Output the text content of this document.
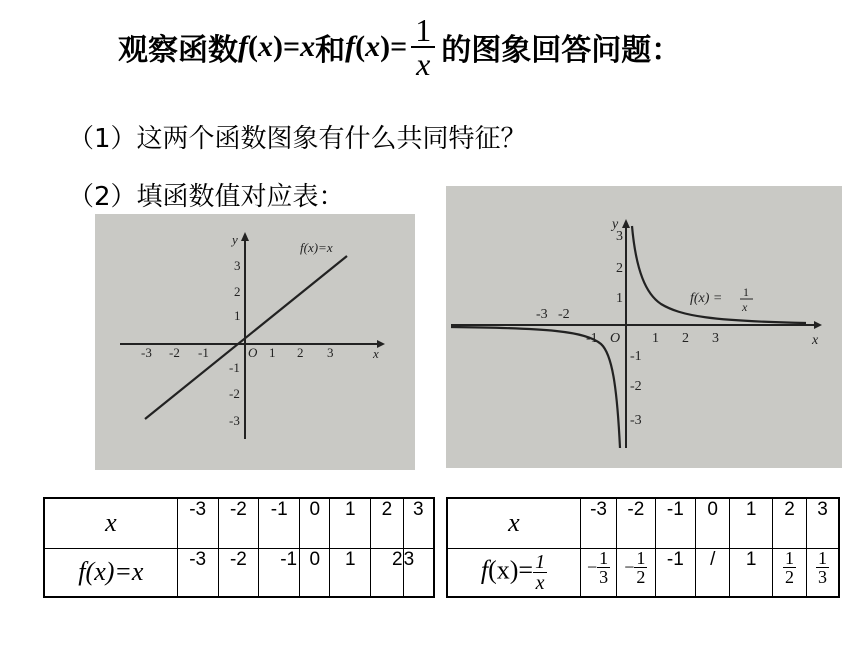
观察函数 f ( x ) = x 和 f ( x ) = $\frac{1}{x}$ 的图象回答问题：
（1）这两个函数图象有什么共同特征？
（2）填函数值对应表：
f(x)=x
y
x
O
-3 -2 -1	1 2 3
3
2
1
-1
-2
-3
y
x
O
-3 -2
-1	1 2 3
3
2
1
-1
-2
-3
f(x) = 1
x
x	-3	-2	-1	0	1	2	3
f(x)=x	-3	-2	-1	0	1	2	3
x	-3	-2	-1	0	1	2	3
$f(x)= \frac{1}{x}$	− $\frac{1}{3}$	− $\frac{1}{2}$	-1	/	1	$\frac{1}{2}$	$\frac{1}{3}$
